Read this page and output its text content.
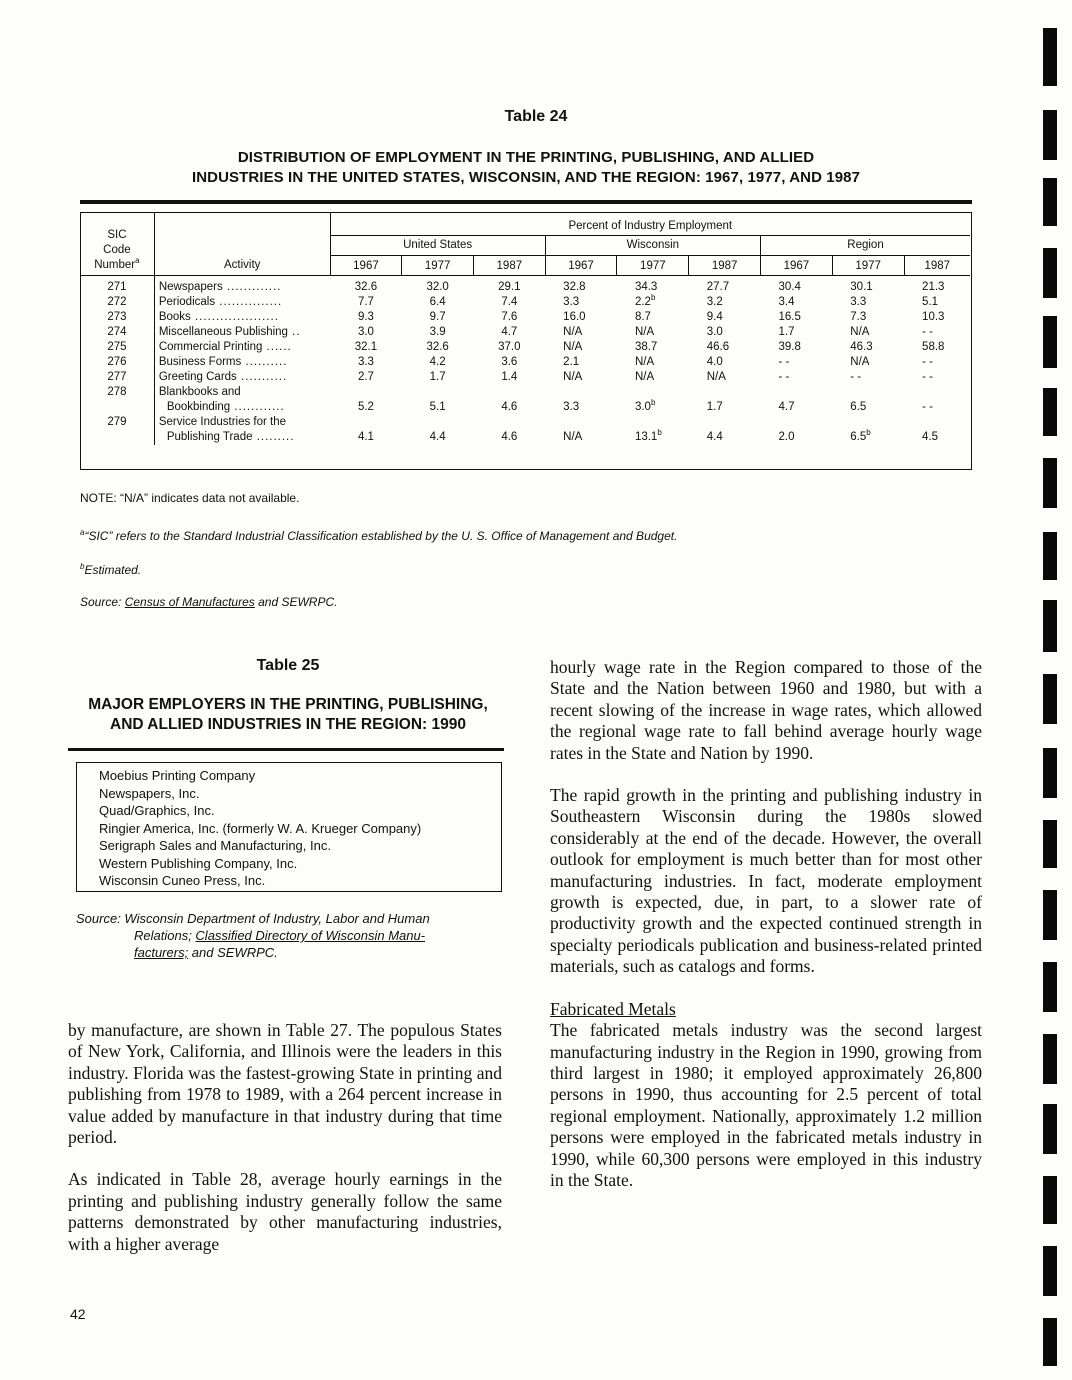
Table 24
DISTRIBUTION OF EMPLOYMENT IN THE PRINTING, PUBLISHING, AND ALLIED
INDUSTRIES IN THE UNITED STATES, WISCONSIN, AND THE REGION: 1967, 1977, AND 1987
SIC
Code
Number$^a$	Activity	Percent of Industry Employment								
		United States			Wisconsin			Region		
		1967	1977	1987	1967	1977	1987	1967	1977	1987
271	Newspapers .............	32.6	32.0	29.1	32.8	34.3	27.7	30.4	30.1	21.3
272	Periodicals ...............	7.7	6.4	7.4	3.3	2.2$^b$	3.2	3.4	3.3	5.1
273	Books ....................	9.3	9.7	7.6	16.0	8.7	9.4	16.5	7.3	10.3
274	Miscellaneous Publishing ..	3.0	3.9	4.7	N/A	N/A	3.0	1.7	N/A	- -
275	Commercial Printing ......	32.1	32.6	37.0	N/A	38.7	46.6	39.8	46.3	58.8
276	Business Forms ..........	3.3	4.2	3.6	2.1	N/A	4.0	- -	N/A	- -
277	Greeting Cards ...........	2.7	1.7	1.4	N/A	N/A	N/A	- -	- -	- -
278	Blankbooks and
Bookbinding ............	5.2	5.1	4.6	3.3	3.0$^b$	1.7	4.7	6.5	- -
279	Service Industries for the
Publishing Trade .........	4.1	4.4	4.6	N/A	13.1$^b$	4.4	2.0	6.5$^b$	4.5
NOTE: “N/A” indicates data not available.
$^a$“SIC” refers to the Standard Industrial Classification established by the U. S. Office of Management and Budget.
$^b$Estimated.
Source: Census of Manufactures and SEWRPC.
Table 25
MAJOR EMPLOYERS IN THE PRINTING, PUBLISHING,
AND ALLIED INDUSTRIES IN THE REGION: 1990
Moebius Printing Company
Newspapers, Inc.
Quad/Graphics, Inc.
Ringier America, Inc. (formerly W. A. Krueger Company)
Serigraph Sales and Manufacturing, Inc.
Western Publishing Company, Inc.
Wisconsin Cuneo Press, Inc.
Source: Wisconsin Department of Industry, Labor and Human
Relations; Classified Directory of Wisconsin Manu-
facturers; and SEWRPC.

by manufacture, are shown in Table 27. The populous States of New York, California, and Illinois were the leaders in this industry. Florida was the fastest-growing State in printing and publishing from 1978 to 1989, with a 264 percent increase in value added by manufacture in that industry during that time period.

As indicated in Table 28, average hourly earnings in the printing and publishing industry generally follow the same patterns demonstrated by other manufacturing industries, with a higher average

hourly wage rate in the Region compared to those of the State and the Nation between 1960 and 1980, but with a recent slowing of the increase in wage rates, which allowed the regional wage rate to fall behind average hourly wage rates in the State and Nation by 1990.

The rapid growth in the printing and publishing industry in Southeastern Wisconsin during the 1980s slowed considerably at the end of the decade. However, the overall outlook for employment is much better than for most other manufacturing industries. In fact, moderate employment growth is expected, due, in part, to a slower rate of productivity growth and the expected continued strength in specialty periodicals publication and business-related printed materials, such as catalogs and forms.

Fabricated Metals

The fabricated metals industry was the second largest manufacturing industry in the Region in 1990, growing from third largest in 1980; it employed approximately 26,800 persons in 1990, thus accounting for 2.5 percent of total regional employment. Nationally, approximately 1.2 million persons were employed in the fabricated metals industry in 1990, while 60,300 persons were employed in this industry in the State.

42
